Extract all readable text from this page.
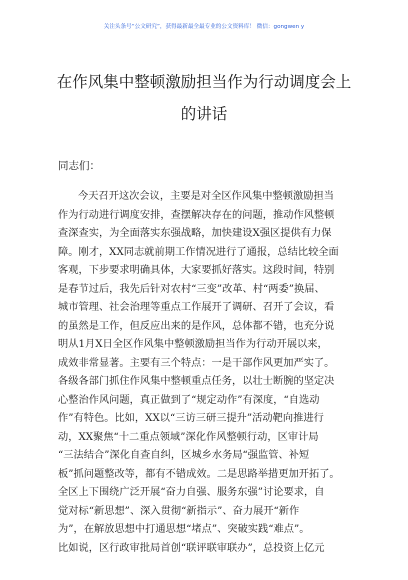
关注头条号“公文研究”，获得最新最全最专业的公文资料库！ 微信：gongwen y
在作风集中整顿激励担当作为行动调度会上
的讲话

同志们：

今天召开这次会议，主要是对全区作风集中整顿激励担当
作为行动进行调度安排，查摆解决存在的问题，推动作风整顿
查深查实，为全面落实东强战略，加快建设X强区提供有力保
障。刚才，XX同志就前期工作情况进行了通报，总结比较全面
客观，下步要求明确具体，大家要抓好落实。这段时间，特别
是春节过后，我先后针对农村“三变”改革、村“两委”换届、
城市管理、社会治理等重点工作展开了调研、召开了会议，看
的虽然是工作，但反应出来的是作风，总体都不错，也充分说
明从1月X日全区作风集中整顿激励担当作为行动开展以来，
成效非常显著。主要有三个特点：一是干部作风更加严实了。
各级各部门抓住作风集中整顿重点任务，以壮士断腕的坚定决
心整治作风问题，真正做到了“规定动作”有深度，“自选动
作”有特色。比如，XX以“三访三研三提升”活动靶向推进行
动，XX聚焦“十二重点领域”深化作风整顿行动，区审计局
“三法结合”深化自查自纠，区城乡水务局“强监管、补短
板”抓问题整改等，都有不错成效。二是思路举措更加开拓了。
全区上下围绕广泛开展“奋力自强、服务东强”讨论要求，自
觉对标“新思想”、深入贯彻“新指示”、奋力展开“新作
为”，在解放思想中打通思想“堵点”、突破实践“难点”。
比如说，区行政审批局首创“联评联审联办”，总投资上亿元
